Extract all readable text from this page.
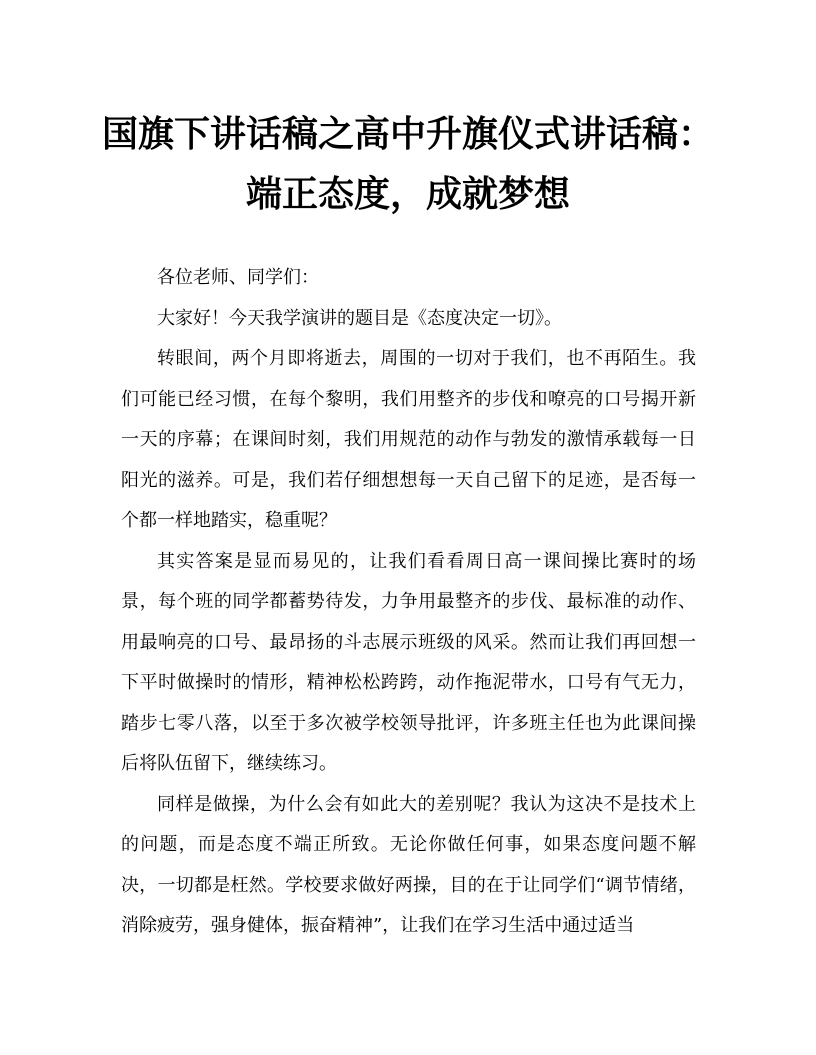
国旗下讲话稿之高中升旗仪式讲话稿：
端正态度，成就梦想

各位老师、同学们：

大家好！今天我学演讲的题目是《态度决定一切》。

转眼间，两个月即将逝去，周围的一切对于我们，也不再陌生。我们可能已经习惯，在每个黎明，我们用整齐的步伐和嘹亮的口号揭开新一天的序幕；在课间时刻，我们用规范的动作与勃发的激情承载每一日阳光的滋养。可是，我们若仔细想想每一天自己留下的足迹，是否每一个都一样地踏实，稳重呢？

其实答案是显而易见的，让我们看看周日高一课间操比赛时的场景，每个班的同学都蓄势待发，力争用最整齐的步伐、最标准的动作、用最响亮的口号、最昂扬的斗志展示班级的风采。然而让我们再回想一下平时做操时的情形，精神松松跨跨，动作拖泥带水，口号有气无力，踏步七零八落，以至于多次被学校领导批评，许多班主任也为此课间操后将队伍留下，继续练习。

同样是做操，为什么会有如此大的差别呢？我认为这决不是技术上的问题，而是态度不端正所致。无论你做任何事，如果态度问题不解决，一切都是枉然。学校要求做好两操，目的在于让同学们“调节情绪，消除疲劳，强身健体，振奋精神”，让我们在学习生活中通过适当
